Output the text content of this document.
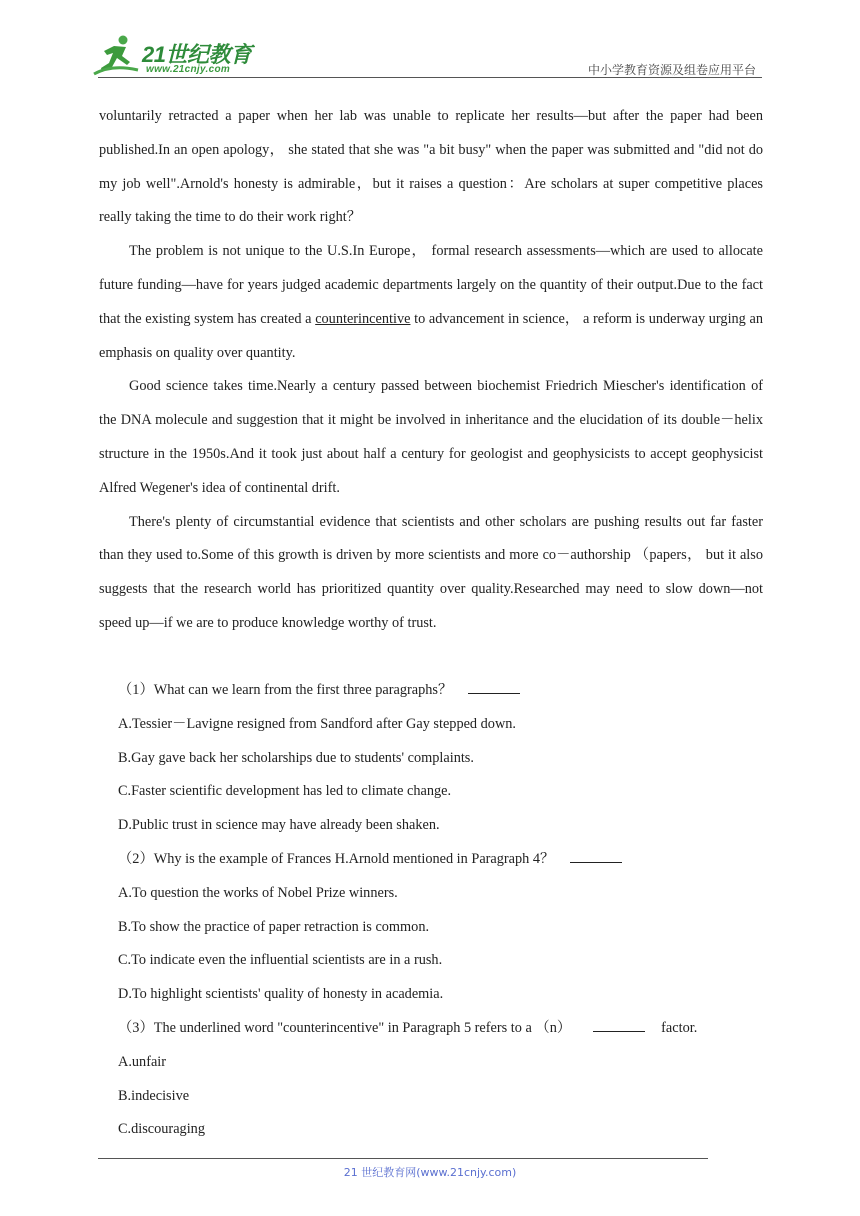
21世纪教育
www.21cnjy.com	中小学教育资源及组卷应用平台

voluntarily retracted a paper when her lab was unable to replicate her results—but after the paper had been published.In an open apology， she stated that she was "a bit busy" when the paper was submitted and "did not do my job well".Arnold's honesty is admirable，but it raises a question：Are scholars at super competitive places really taking the time to do their work right？

The problem is not unique to the U.S.In Europe， formal research assessments—which are used to allocate future funding—have for years judged academic departments largely on the quantity of their output.Due to the fact that the existing system has created a counterincentive to advancement in science， a reform is underway urging an emphasis on quality over quantity.

Good science takes time.Nearly a century passed between biochemist Friedrich Miescher's identification of the DNA molecule and suggestion that it might be involved in inheritance and the elucidation of its double－helix structure in the 1950s.And it took just about half a century for geologist and geophysicists to accept geophysicist Alfred Wegener's idea of continental drift.

There's plenty of circumstantial evidence that scientists and other scholars are pushing results out far faster than they used to.Some of this growth is driven by more scientists and more co－authorship （papers， but it also suggests that the research world has prioritized quantity over quality.Researched may need to slow down—not speed up—if we are to produce knowledge worthy of trust.

（1）What can we learn from the first three paragraphs？

A.Tessier－Lavigne resigned from Sandford after Gay stepped down.

B.Gay gave back her scholarships due to students' complaints.

C.Faster scientific development has led to climate change.

D.Public trust in science may have already been shaken.

（2）Why is the example of Frances H.Arnold mentioned in Paragraph 4？

A.To question the works of Nobel Prize winners.

B.To show the practice of paper retraction is common.

C.To indicate even the influential scientists are in a rush.

D.To highlight scientists' quality of honesty in academia.

（3）The underlined word "counterincentive" in Paragraph 5 refers to a （n）	factor.

A.unfair

B.indecisive

C.discouraging

21 世纪教育网(www.21cnjy.com)
